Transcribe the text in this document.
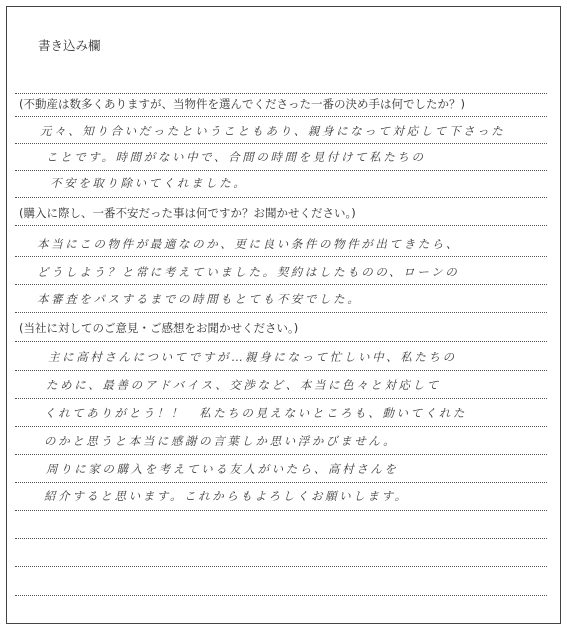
書き込み欄
(不動産は数多くありますが、当物件を選んでくださった一番の決め手は何でしたか？)
元々、知り合いだったということもあり、親身になって対応して下さった
ことです。時間がない中で、合間の時間を見付けて私たちの
不安を取り除いてくれました。
(購入に際し、一番不安だった事は何ですか？お聞かせください。)
本当にこの物件が最適なのか、更に良い条件の物件が出てきたら、
どうしよう？と常に考えていました。契約はしたものの、ローンの
本審査をパスするまでの時間もとても不安でした。
(当社に対してのご意見・ご感想をお聞かせください。)
主に高村さんについてですが…親身になって忙しい中、私たちの
ために、最善のアドバイス、交渉など、本当に色々と対応して
くれてありがとう！！　私たちの見えないところも、動いてくれた
のかと思うと本当に感謝の言葉しか思い浮かびません。
周りに家の購入を考えている友人がいたら、高村さんを
紹介すると思います。これからもよろしくお願いします。
